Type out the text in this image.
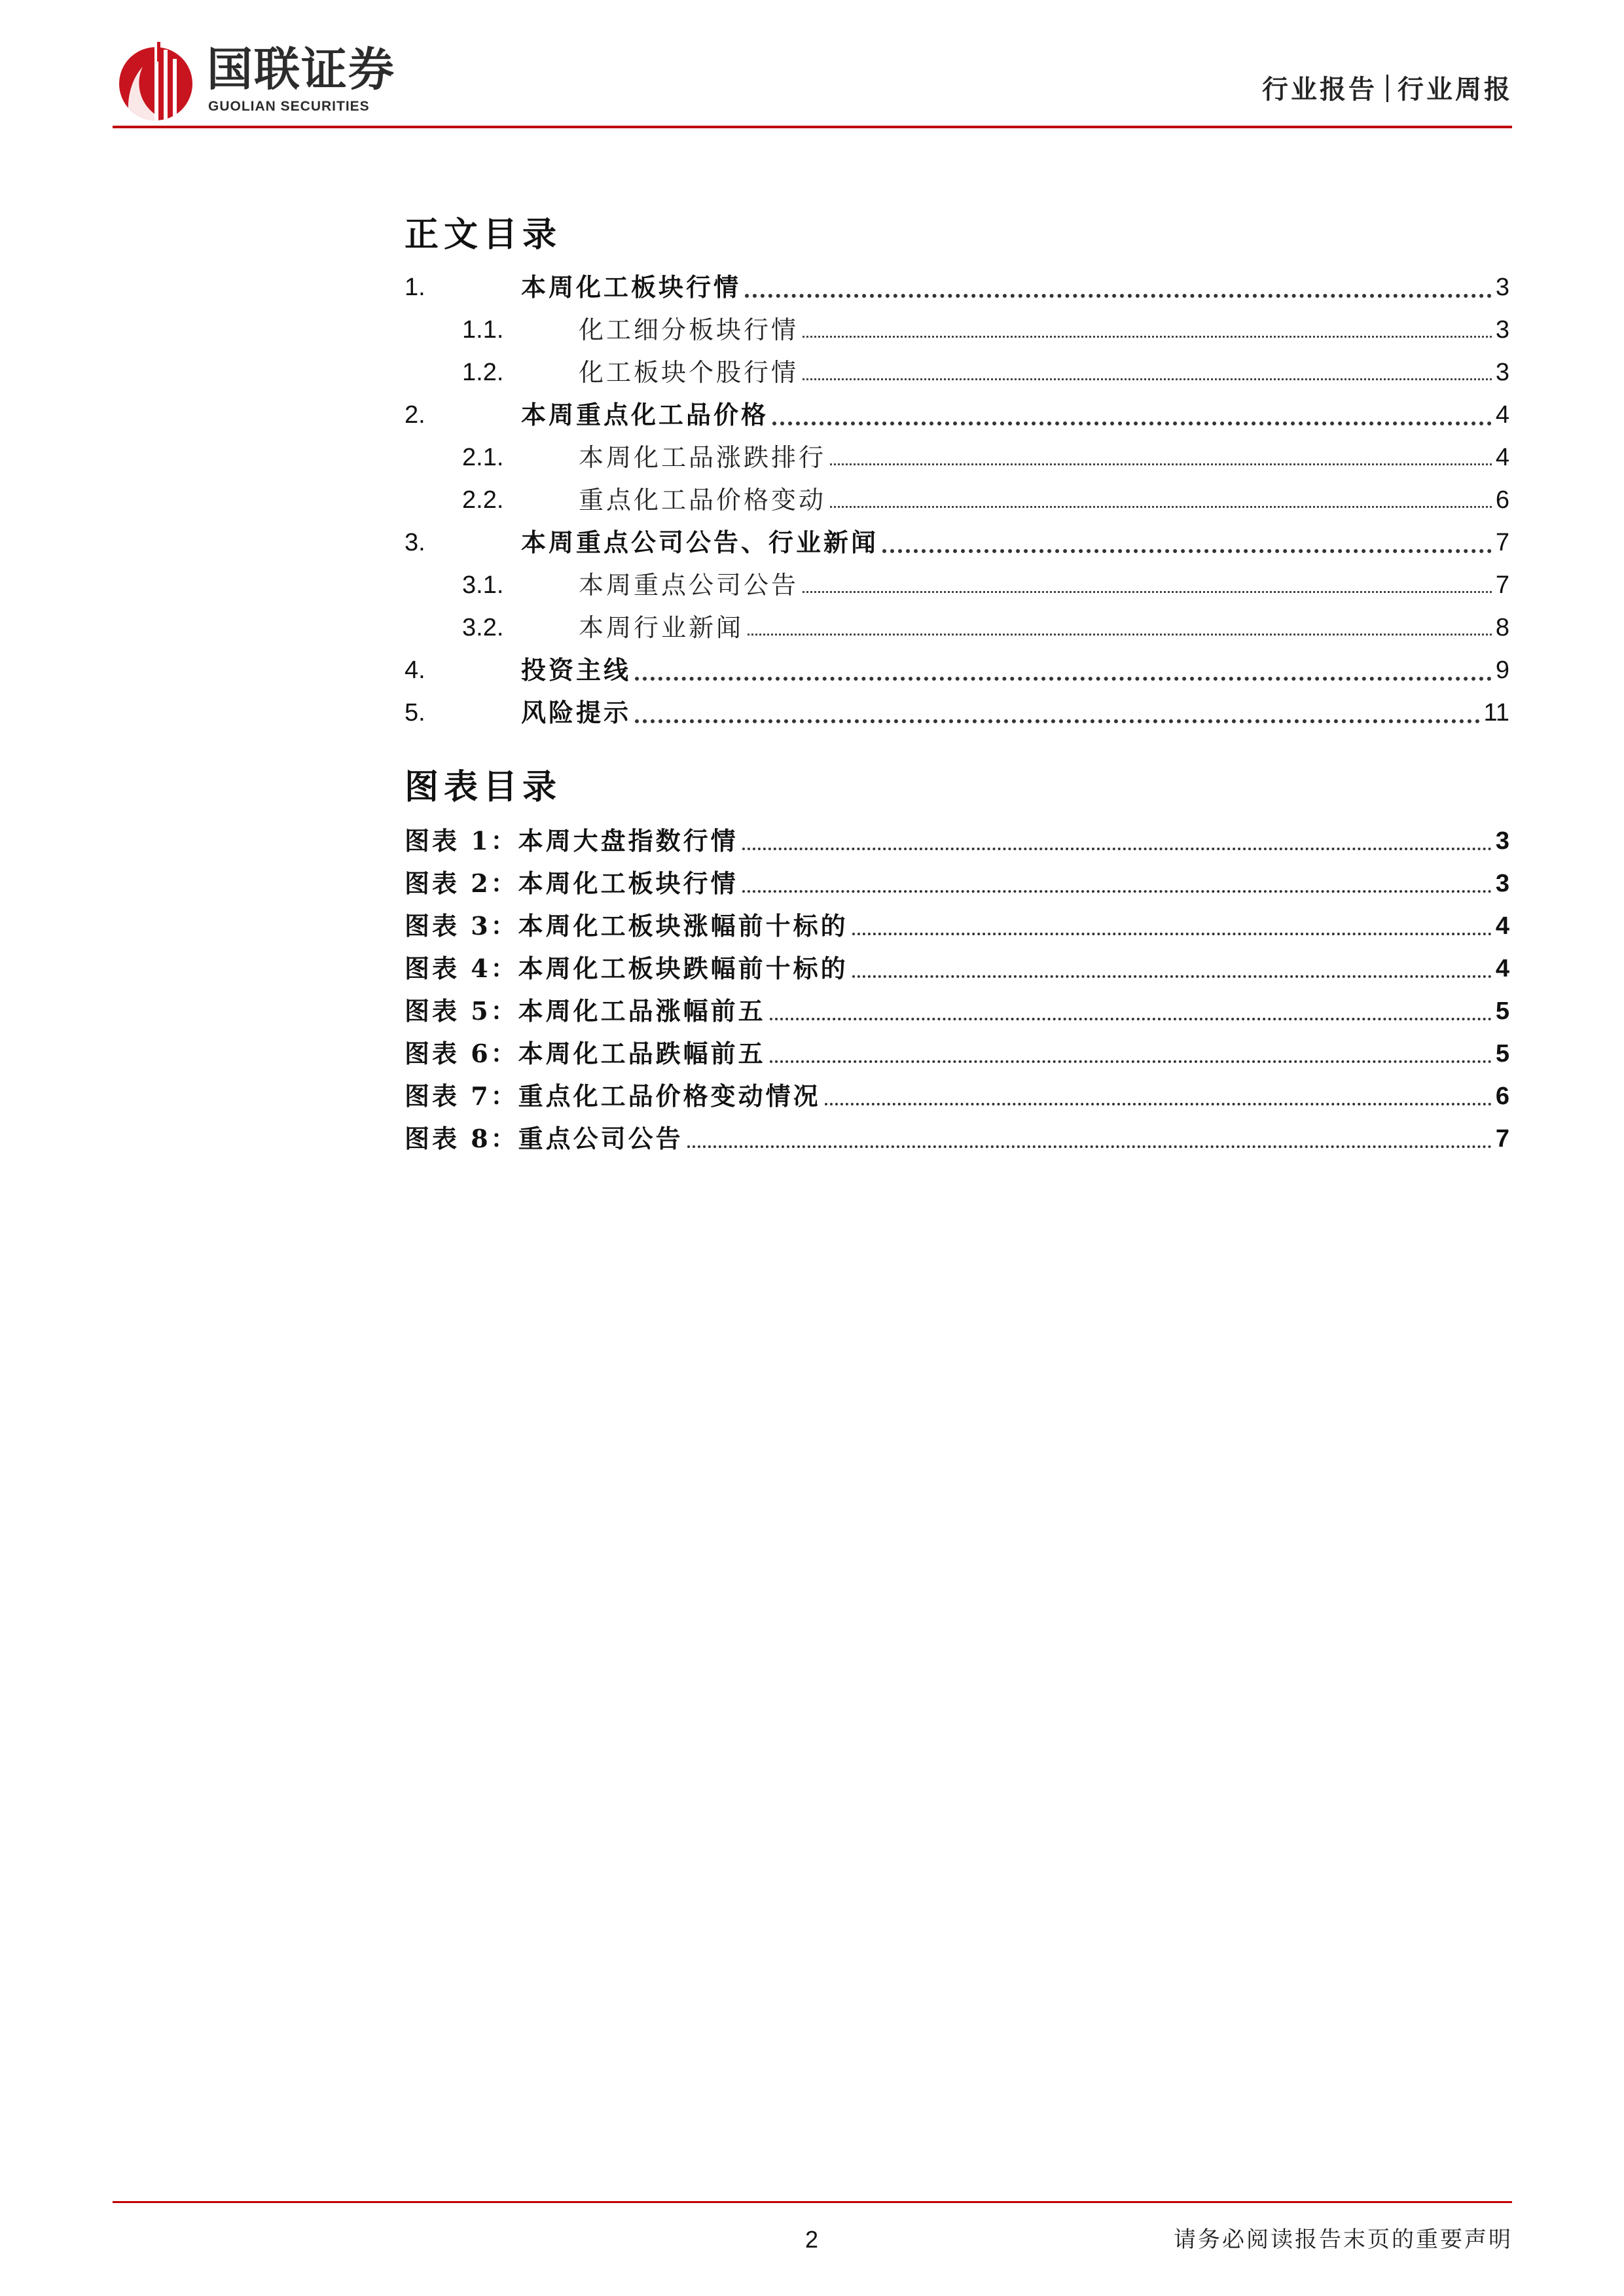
国联证券
GUOLIAN SECURITIES
行业报告 行业周报
正文目录
1.	本周化工板块行情	3
1.1.	化工细分板块行情	3
1.2.	化工板块个股行情	3
2.	本周重点化工品价格	4
2.1.	本周化工品涨跌排行	4
2.2.	重点化工品价格变动	6
3.	本周重点公司公告、行业新闻	7
3.1.	本周重点公司公告	7
3.2.	本周行业新闻	8
4.	投资主线	9
5.	风险提示	11
图表目录
图表 1：本周大盘指数行情	3
图表 2：本周化工板块行情	3
图表 3：本周化工板块涨幅前十标的	4
图表 4：本周化工板块跌幅前十标的	4
图表 5：本周化工品涨幅前五	5
图表 6：本周化工品跌幅前五	5
图表 7：重点化工品价格变动情况	6
图表 8：重点公司公告	7
2	请务必阅读报告末页的重要声明
